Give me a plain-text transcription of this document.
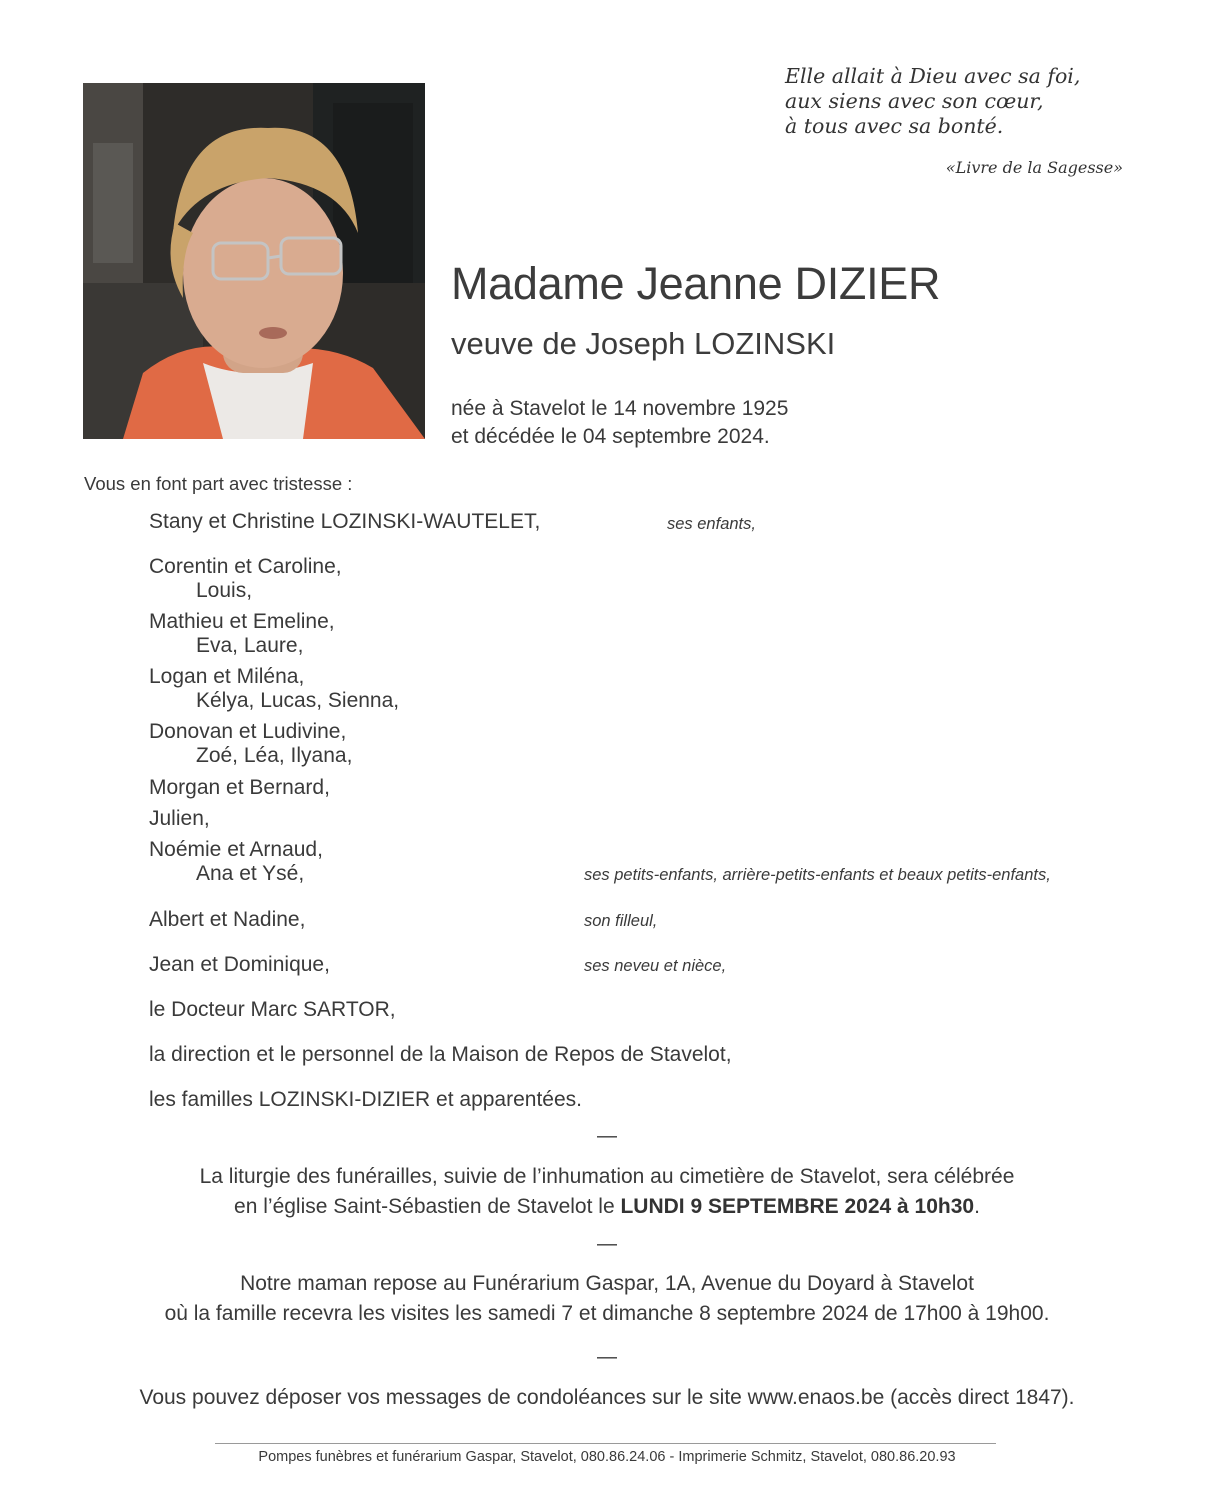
Elle allait à Dieu avec sa foi,
aux siens avec son cœur,
à tous avec sa bonté.
«Livre de la Sagesse»
Madame Jeanne DIZIER
veuve de Joseph LOZINSKI
née à Stavelot le 14 novembre 1925
et décédée le 04 septembre 2024.
Vous en font part avec tristesse :
Stany et Christine LOZINSKI-WAUTELET,	ses enfants,
Corentin et Caroline,
Louis,
Mathieu et Emeline,
Eva, Laure,
Logan et Miléna,
Kélya, Lucas, Sienna,
Donovan et Ludivine,
Zoé, Léa, Ilyana,
Morgan et Bernard,
Julien,
Noémie et Arnaud,
Ana et Ysé,	ses petits-enfants, arrière-petits-enfants et beaux petits-enfants,
Albert et Nadine,	son filleul,
Jean et Dominique,	ses neveu et nièce,
le Docteur Marc SARTOR,
la direction et le personnel de la Maison de Repos de Stavelot,
les familles LOZINSKI-DIZIER et apparentées.
—
La liturgie des funérailles, suivie de l’inhumation au cimetière de Stavelot, sera célébrée
en l’église Saint-Sébastien de Stavelot le LUNDI 9 SEPTEMBRE 2024 à 10h30.
—
Notre maman repose au Funérarium Gaspar, 1A, Avenue du Doyard à Stavelot
où la famille recevra les visites les samedi 7 et dimanche 8 septembre 2024 de 17h00 à 19h00.
—
Vous pouvez déposer vos messages de condoléances sur le site www.enaos.be (accès direct 1847).
Pompes funèbres et funérarium Gaspar, Stavelot, 080.86.24.06 - Imprimerie Schmitz, Stavelot, 080.86.20.93
